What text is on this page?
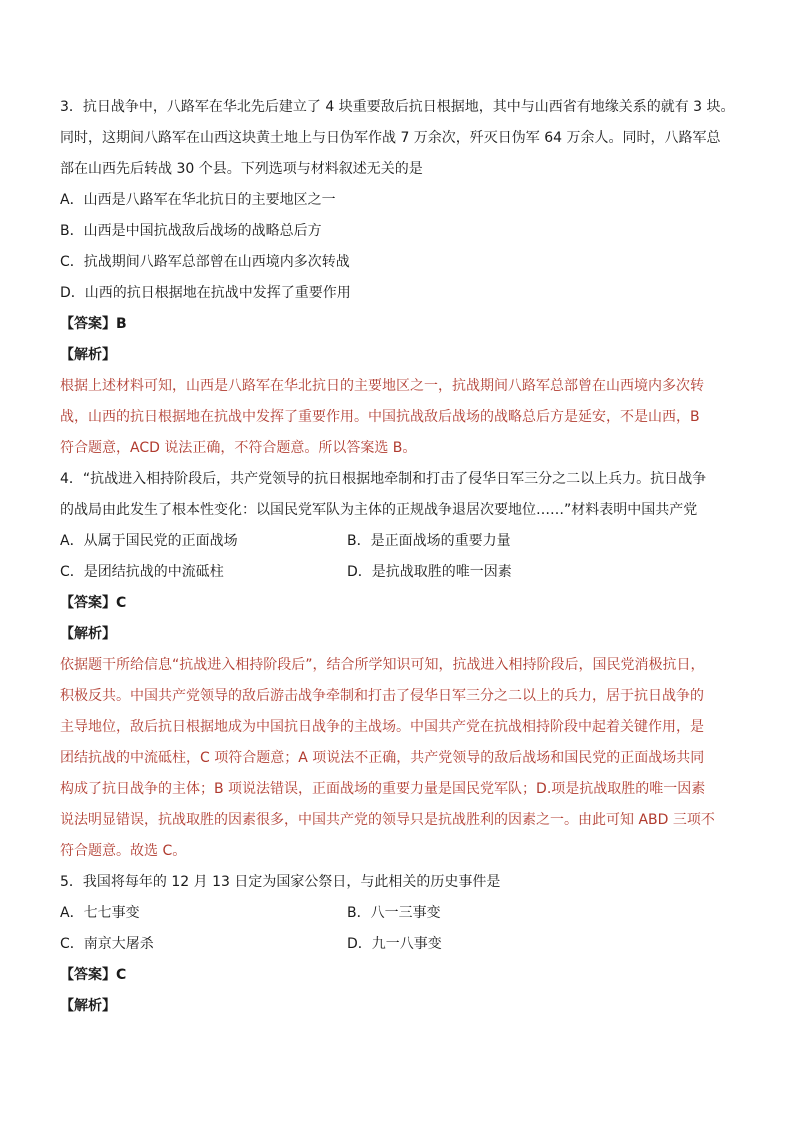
3．抗日战争中，八路军在华北先后建立了 4 块重要敌后抗日根据地，其中与山西省有地缘关系的就有 3 块。
同时，这期间八路军在山西这块黄土地上与日伪军作战 7 万余次，歼灭日伪军 64 万余人。同时，八路军总
部在山西先后转战 30 个县。下列选项与材料叙述无关的是
A．山西是八路军在华北抗日的主要地区之一
B．山西是中国抗战敌后战场的战略总后方
C．抗战期间八路军总部曾在山西境内多次转战
D．山西的抗日根据地在抗战中发挥了重要作用
【答案】B
【解析】
根据上述材料可知，山西是八路军在华北抗日的主要地区之一，抗战期间八路军总部曾在山西境内多次转
战，山西的抗日根据地在抗战中发挥了重要作用。中国抗战敌后战场的战略总后方是延安，不是山西，B
符合题意，ACD 说法正确，不符合题意。所以答案选 B。
4．“抗战进入相持阶段后，共产党领导的抗日根据地牵制和打击了侵华日军三分之二以上兵力。抗日战争
的战局由此发生了根本性变化：以国民党军队为主体的正规战争退居次要地位……”材料表明中国共产党
A．从属于国民党的正面战场	B．是正面战场的重要力量
C．是团结抗战的中流砥柱	D．是抗战取胜的唯一因素
【答案】C
【解析】
依据题干所给信息“抗战进入相持阶段后”，结合所学知识可知，抗战进入相持阶段后，国民党消极抗日，
积极反共。中国共产党领导的敌后游击战争牵制和打击了侵华日军三分之二以上的兵力，居于抗日战争的
主导地位，敌后抗日根据地成为中国抗日战争的主战场。中国共产党在抗战相持阶段中起着关键作用，是
团结抗战的中流砥柱，C 项符合题意；A 项说法不正确，共产党领导的敌后战场和国民党的正面战场共同
构成了抗日战争的主体；B 项说法错误，正面战场的重要力量是国民党军队；D.项是抗战取胜的唯一因素
说法明显错误，抗战取胜的因素很多，中国共产党的领导只是抗战胜利的因素之一。由此可知 ABD 三项不
符合题意。故选 C。
5．我国将每年的 12 月 13 日定为国家公祭日，与此相关的历史事件是
A．七七事变	B．八一三事变
C．南京大屠杀	D．九一八事变
【答案】C
【解析】
